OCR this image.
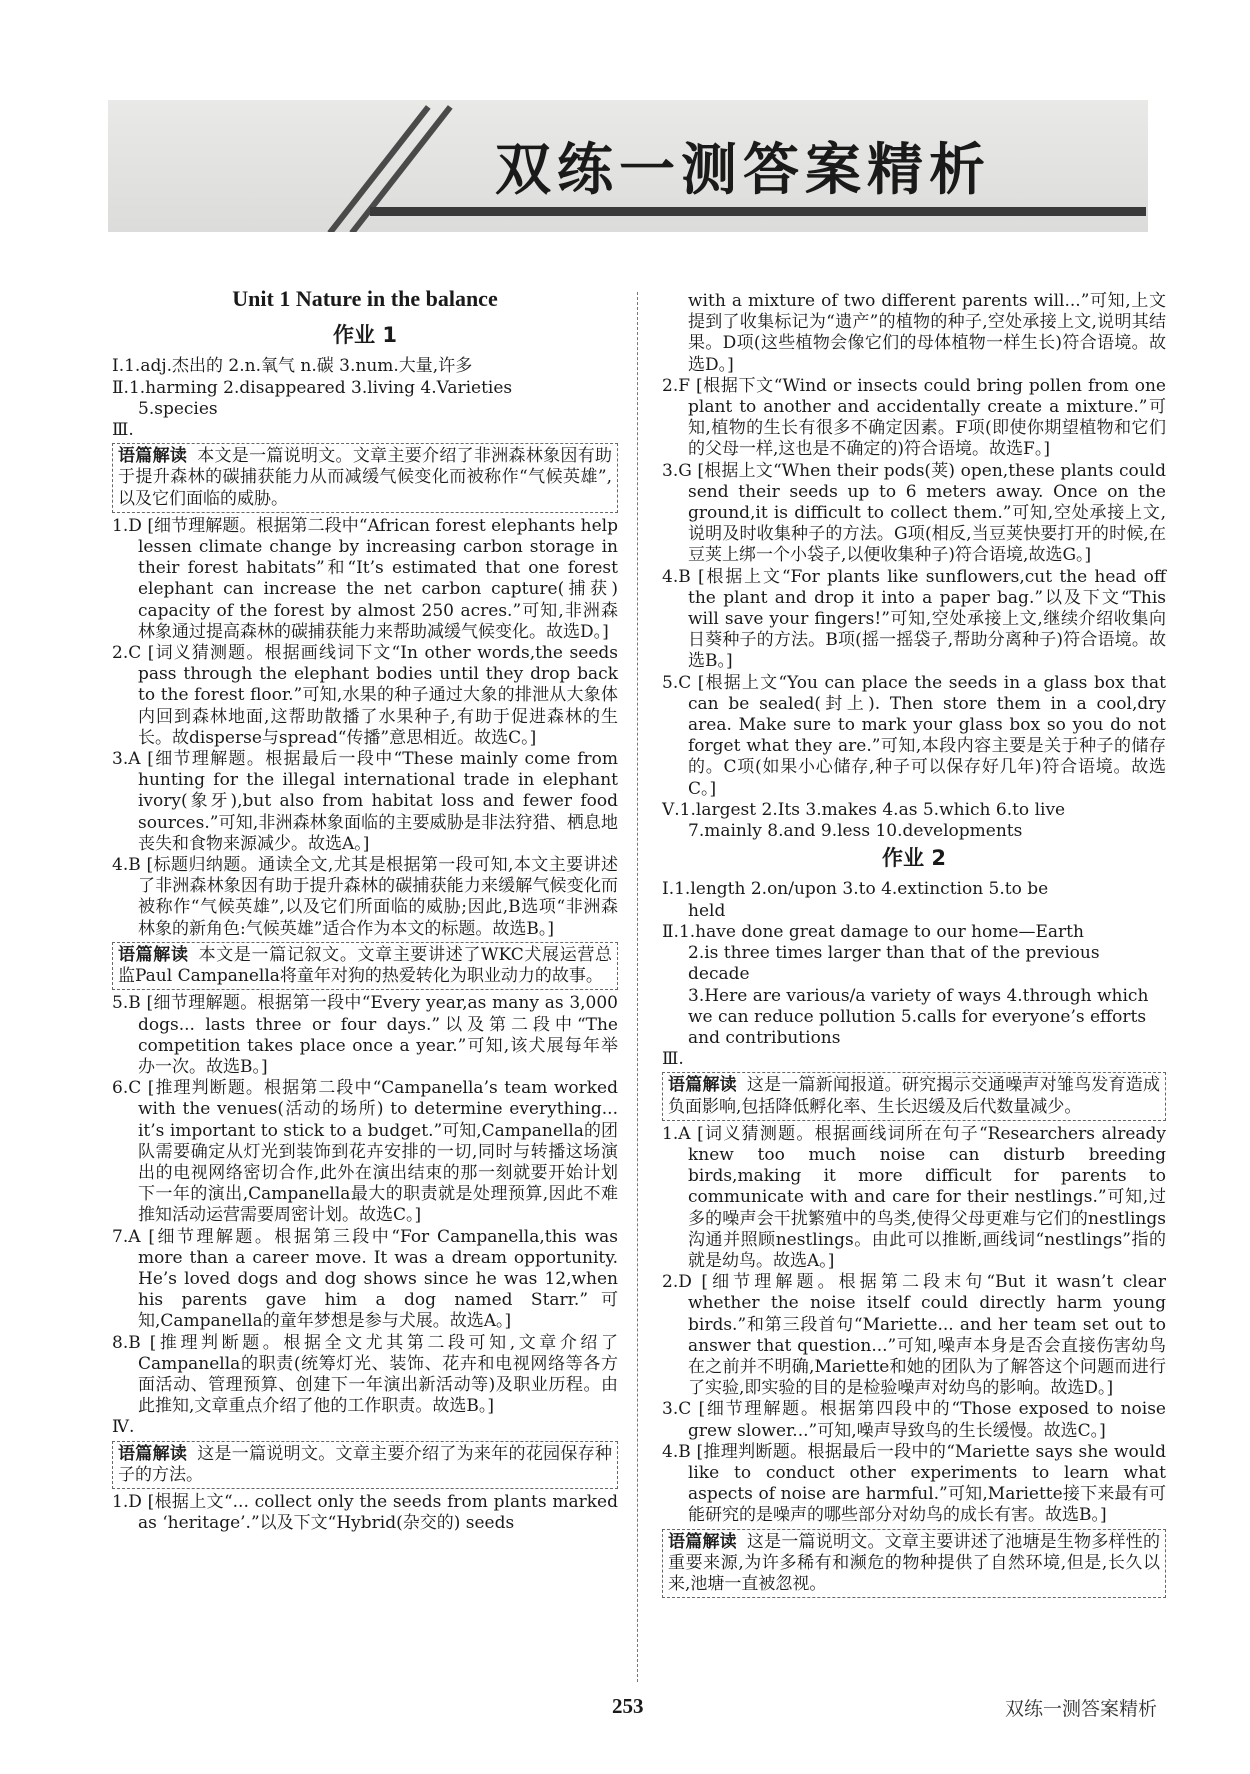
双练一测答案精析
Unit 1 Nature in the balance
作业 1

Ⅰ.1.adj.杰出的 2.n.氧气 n.碳 3.num.大量,许多

Ⅱ.1.harming 2.disappeared 3.living 4.Varieties

5.species

Ⅲ.

语篇解读 本文是一篇说明文。文章主要介绍了非洲森林象因有助于提升森林的碳捕获能力从而减缓气候变化而被称作“气候英雄”,以及它们面临的威胁。

1.D [细节理解题。根据第二段中“African forest elephants help lessen climate change by increasing carbon storage in their forest habitats”和“It’s estimated that one forest elephant can increase the net carbon capture(捕获) capacity of the forest by almost 250 acres.”可知,非洲森林象通过提高森林的碳捕获能力来帮助减缓气候变化。故选D。]

2.C [词义猜测题。根据画线词下文“In other words,the seeds pass through the elephant bodies until they drop back to the forest floor.”可知,水果的种子通过大象的排泄从大象体内回到森林地面,这帮助散播了水果种子,有助于促进森林的生长。故disperse与spread“传播”意思相近。故选C。]

3.A [细节理解题。根据最后一段中“These mainly come from hunting for the illegal international trade in elephant ivory(象牙),but also from habitat loss and fewer food sources.”可知,非洲森林象面临的主要威胁是非法狩猎、栖息地丧失和食物来源减少。故选A。]

4.B [标题归纳题。通读全文,尤其是根据第一段可知,本文主要讲述了非洲森林象因有助于提升森林的碳捕获能力来缓解气候变化而被称作“气候英雄”,以及它们所面临的威胁;因此,B选项“非洲森林象的新角色:气候英雄”适合作为本文的标题。故选B。]

语篇解读 本文是一篇记叙文。文章主要讲述了WKC犬展运营总监Paul Campanella将童年对狗的热爱转化为职业动力的故事。

5.B [细节理解题。根据第一段中“Every year,as many as 3,000 dogs... lasts three or four days.”以及第二段中“The competition takes place once a year.”可知,该犬展每年举办一次。故选B。]

6.C [推理判断题。根据第二段中“Campanella’s team worked with the venues(活动的场所) to determine everything... it’s important to stick to a budget.”可知,Campanella的团队需要确定从灯光到装饰到花卉安排的一切,同时与转播这场演出的电视网络密切合作,此外在演出结束的那一刻就要开始计划下一年的演出,Campanella最大的职责就是处理预算,因此不难推知活动运营需要周密计划。故选C。]

7.A [细节理解题。根据第三段中“For Campanella,this was more than a career move. It was a dream opportunity. He’s loved dogs and dog shows since he was 12,when his parents gave him a dog named Starr.”可知,Campanella的童年梦想是参与犬展。故选A。]

8.B [推理判断题。根据全文尤其第二段可知,文章介绍了Campanella的职责(统筹灯光、装饰、花卉和电视网络等各方面活动、管理预算、创建下一年演出新活动等)及职业历程。由此推知,文章重点介绍了他的工作职责。故选B。]

Ⅳ.

语篇解读 这是一篇说明文。文章主要介绍了为来年的花园保存种子的方法。

1.D [根据上文“... collect only the seeds from plants marked as ‘heritage’.”以及下文“Hybrid(杂交的) seeds

with a mixture of two different parents will...”可知,上文提到了收集标记为“遗产”的植物的种子,空处承接上文,说明其结果。D项(这些植物会像它们的母体植物一样生长)符合语境。故选D。]

2.F [根据下文“Wind or insects could bring pollen from one plant to another and accidentally create a mixture.”可知,植物的生长有很多不确定因素。F项(即使你期望植物和它们的父母一样,这也是不确定的)符合语境。故选F。]

3.G [根据上文“When their pods(荚) open,these plants could send their seeds up to 6 meters away. Once on the ground,it is difficult to collect them.”可知,空处承接上文,说明及时收集种子的方法。G项(相反,当豆荚快要打开的时候,在豆荚上绑一个小袋子,以便收集种子)符合语境,故选G。]

4.B [根据上文“For plants like sunflowers,cut the head off the plant and drop it into a paper bag.”以及下文“This will save your fingers!”可知,空处承接上文,继续介绍收集向日葵种子的方法。B项(摇一摇袋子,帮助分离种子)符合语境。故选B。]

5.C [根据上文“You can place the seeds in a glass box that can be sealed(封上). Then store them in a cool,dry area. Make sure to mark your glass box so you do not forget what they are.”可知,本段内容主要是关于种子的储存的。C项(如果小心储存,种子可以保存好几年)符合语境。故选C。]

Ⅴ.1.largest 2.Its 3.makes 4.as 5.which 6.to live

7.mainly 8.and 9.less 10.developments

作业 2

Ⅰ.1.length 2.on/upon 3.to 4.extinction 5.to be

held

Ⅱ.1.have done great damage to our home—Earth

2.is three times larger than that of the previous decade

3.Here are various/a variety of ways 4.through which

we can reduce pollution 5.calls for everyone’s efforts

and contributions

Ⅲ.

语篇解读 这是一篇新闻报道。研究揭示交通噪声对雏鸟发育造成负面影响,包括降低孵化率、生长迟缓及后代数量减少。

1.A [词义猜测题。根据画线词所在句子“Researchers already knew too much noise can disturb breeding birds,making it more difficult for parents to communicate with and care for their nestlings.”可知,过多的噪声会干扰繁殖中的鸟类,使得父母更难与它们的nestlings沟通并照顾nestlings。由此可以推断,画线词“nestlings”指的就是幼鸟。故选A。]

2.D [细节理解题。根据第二段末句“But it wasn’t clear whether the noise itself could directly harm young birds.”和第三段首句“Mariette... and her team set out to answer that question...”可知,噪声本身是否会直接伤害幼鸟在之前并不明确,Mariette和她的团队为了解答这个问题而进行了实验,即实验的目的是检验噪声对幼鸟的影响。故选D。]

3.C [细节理解题。根据第四段中的“Those exposed to noise grew slower...”可知,噪声导致鸟的生长缓慢。故选C。]

4.B [推理判断题。根据最后一段中的“Mariette says she would like to conduct other experiments to learn what aspects of noise are harmful.”可知,Mariette接下来最有可能研究的是噪声的哪些部分对幼鸟的成长有害。故选B。]

语篇解读 这是一篇说明文。文章主要讲述了池塘是生物多样性的重要来源,为许多稀有和濒危的物种提供了自然环境,但是,长久以来,池塘一直被忽视。
253	双练一测答案精析
